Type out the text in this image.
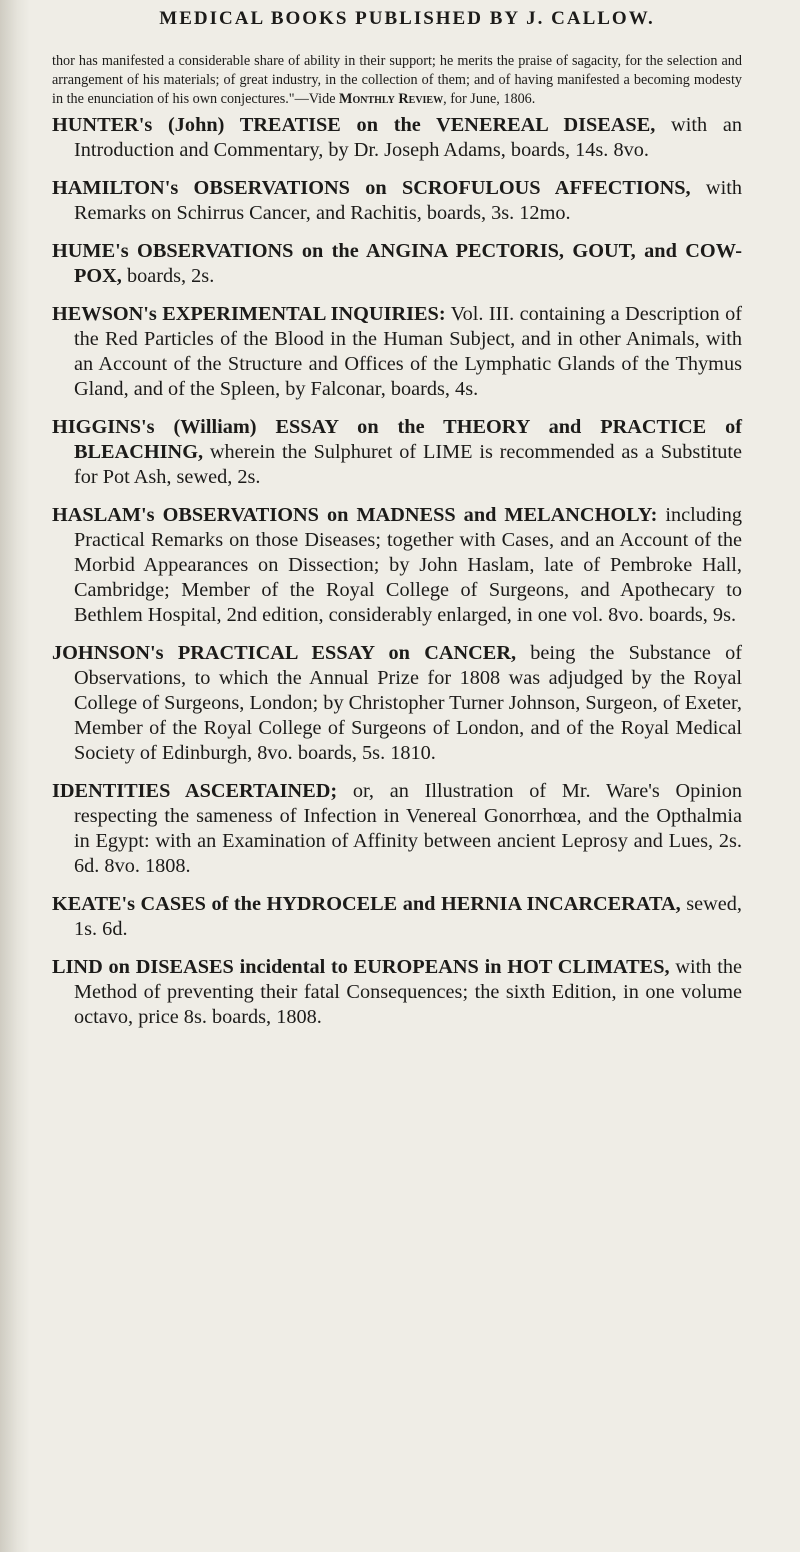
MEDICAL BOOKS PUBLISHED BY J. CALLOW.

thor has manifested a considerable share of ability in their support; he merits the praise of sagacity, for the selection and arrangement of his materials; of great industry, in the collection of them; and of having manifested a becoming modesty in the enunciation of his own conjectures."—Vide Monthly Review, for June, 1806.

HUNTER's (John) TREATISE on the VENEREAL DISEASE, with an Introduction and Commentary, by Dr. Joseph Adams, boards, 14s. 8vo.

HAMILTON's OBSERVATIONS on SCROFULOUS AFFECTIONS, with Remarks on Schirrus Cancer, and Rachitis, boards, 3s. 12mo.

HUME's OBSERVATIONS on the ANGINA PECTORIS, GOUT, and COW-POX, boards, 2s.

HEWSON's EXPERIMENTAL INQUIRIES: Vol. III. containing a Description of the Red Particles of the Blood in the Human Subject, and in other Animals, with an Account of the Structure and Offices of the Lymphatic Glands of the Thymus Gland, and of the Spleen, by Falconar, boards, 4s.

HIGGINS's (William) ESSAY on the THEORY and PRACTICE of BLEACHING, wherein the Sulphuret of LIME is recommended as a Substitute for Pot Ash, sewed, 2s.

HASLAM's OBSERVATIONS on MADNESS and MELANCHOLY: including Practical Remarks on those Diseases; together with Cases, and an Account of the Morbid Appearances on Dissection; by John Haslam, late of Pembroke Hall, Cambridge; Member of the Royal College of Surgeons, and Apothecary to Bethlem Hospital, 2nd edition, considerably enlarged, in one vol. 8vo. boards, 9s.

JOHNSON's PRACTICAL ESSAY on CANCER, being the Substance of Observations, to which the Annual Prize for 1808 was adjudged by the Royal College of Surgeons, London; by Christopher Turner Johnson, Surgeon, of Exeter, Member of the Royal College of Surgeons of London, and of the Royal Medical Society of Edinburgh, 8vo. boards, 5s. 1810.

IDENTITIES ASCERTAINED; or, an Illustration of Mr. Ware's Opinion respecting the sameness of Infection in Venereal Gonorrhœa, and the Opthalmia in Egypt: with an Examination of Affinity between ancient Leprosy and Lues, 2s. 6d. 8vo. 1808.

KEATE's CASES of the HYDROCELE and HERNIA INCARCERATA, sewed, 1s. 6d.

LIND on DISEASES incidental to EUROPEANS in HOT CLIMATES, with the Method of preventing their fatal Consequences; the sixth Edition, in one volume octavo, price 8s. boards, 1808.
